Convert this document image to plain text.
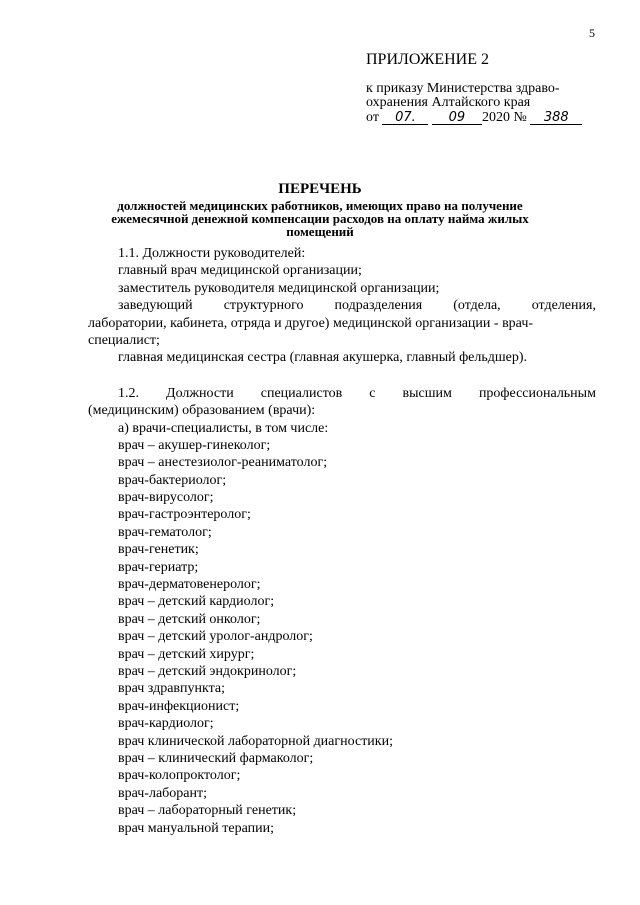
5
ПРИЛОЖЕНИЕ 2
к приказу Министерства здраво-
охранения Алтайского края
от 07.	09 2020 № 388
ПЕРЕЧЕНЬ
должностей медицинских работников, имеющих право на получение
ежемесячной денежной компенсации расходов на оплату найма жилых
помещений
1.1. Должности руководителей:
главный врач медицинской организации;
заместитель руководителя медицинской организации;
заведующий структурного подразделения (отдела, отделения,
лаборатории, кабинета, отряда и другое) медицинской организации - врач-
специалист;
главная медицинская сестра (главная акушерка, главный фельдшер).
1.2. Должности специалистов с высшим профессиональным
(медицинским) образованием (врачи):
а) врачи-специалисты, в том числе:
врач – акушер-гинеколог;
врач – анестезиолог-реаниматолог;
врач-бактериолог;
врач-вирусолог;
врач-гастроэнтеролог;
врач-гематолог;
врач-генетик;
врач-гериатр;
врач-дерматовенеролог;
врач – детский кардиолог;
врач – детский онколог;
врач – детский уролог-андролог;
врач – детский хирург;
врач – детский эндокринолог;
врач здравпункта;
врач-инфекционист;
врач-кардиолог;
врач клинической лабораторной диагностики;
врач – клинический фармаколог;
врач-колопроктолог;
врач-лаборант;
врач – лабораторный генетик;
врач мануальной терапии;
